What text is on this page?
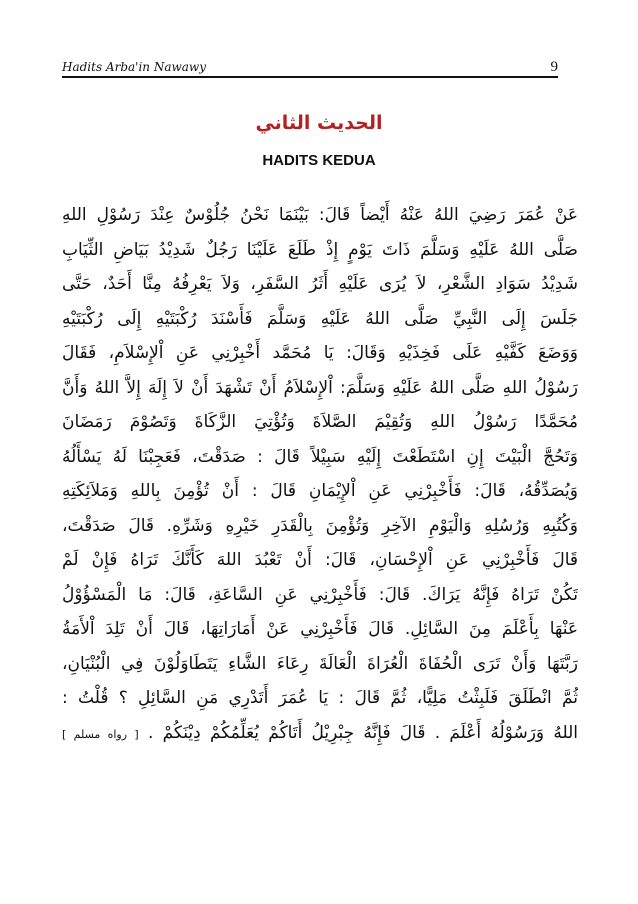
Hadits Arba'in Nawawy	9
الحديث الثاني
HADITS KEDUA
عَنْ عُمَرَ رَضِيَ اللهُ عَنْهُ أَيْضاً قَالَ: بَيْنَمَا نَحْنُ جُلُوْسٌ عِنْدَ رَسُوْلِ اللهِ
صَلَّى اللهُ عَلَيْهِ وَسَلَّمَ ذَاتَ يَوْمٍ إِذْ طَلَعَ عَلَيْنَا رَجُلٌ شَدِيْدُ بَيَاضِ الثِّيَابِ
شَدِيْدُ سَوَادِ الشَّعْرِ، لاَ يُرَى عَلَيْهِ أَثَرُ السَّفَرِ، وَلاَ يَعْرِفُهُ مِنَّا أَحَدٌ، حَتَّى
جَلَسَ إِلَى النَّبِيِّ صَلَّى اللهُ عَلَيْهِ وَسَلَّمَ فَأَسْنَدَ رُكْبَتَيْهِ إِلَى رُكْبَتَيْهِ
وَوَضَعَ كَفَّيْهِ عَلَى فَخِذَيْهِ وَقَالَ: يَا مُحَمَّد أَخْبِرْنِي عَنِ اْلإِسْلاَمِ، فَقَالَ
رَسُوْلُ اللهِ صَلَّى اللهُ عَلَيْهِ وَسَلَّمَ: اْلإِسْلاَمُ أَنْ تَشْهَدَ أَنْ لاَ إِلَهَ إِلاَّ اللهُ وَأَنَّ
مُحَمَّدًا رَسُوْلُ اللهِ وَتُقِيْمَ الصَّلاَةَ وَتُؤْتِيَ الزَّكَاةَ وَتَصُوْمَ رَمَضَانَ
وَتَحُجَّ الْبَيْتَ إِنِ اسْتَطَعْتَ إِلَيْهِ سَبِيْلاً قَالَ : صَدَقْتَ، فَعَجِبْنَا لَهُ يَسْأَلُهُ
وَيُصَدِّقُهُ، قَالَ: فَأَخْبِرْنِي عَنِ اْلإِيْمَانِ قَالَ : أَنْ تُؤْمِنَ بِاللهِ وَمَلاَئِكَتِهِ
وَكُتُبِهِ وَرُسُلِهِ وَالْيَوْمِ الآخِرِ وَتُؤْمِنَ بِالْقَدَرِ خَيْرِهِ وَشَرِّهِ. قَالَ صَدَقْتَ،
قَالَ فَأَخْبِرْنِي عَنِ اْلإِحْسَانِ، قَالَ: أَنْ تَعْبُدَ اللهَ كَأَنَّكَ تَرَاهُ فَإِنْ لَمْ
تَكُنْ تَرَاهُ فَإِنَّهُ يَرَاكَ. قَالَ: فَأَخْبِرْنِي عَنِ السَّاعَةِ، قَالَ: مَا الْمَسْؤُوْلُ
عَنْهَا بِأَعْلَمَ مِنَ السَّائِلِ. قَالَ فَأَخْبِرْنِي عَنْ أَمَارَاتِهَا، قَالَ أَنْ تَلِدَ اْلأَمَةُ
رَبَّتَهَا وَأَنْ تَرَى الْحُفَاةَ الْعُرَاةَ الْعَالَةَ رِعَاءَ الشَّاءِ يَتَطَاوَلُوْنَ فِي الْبُنْيَانِ،
ثُمَّ انْطَلَقَ فَلَبِثْتُ مَلِيًّا، ثُمَّ قَالَ : يَا عُمَرَ أَتَدْرِي مَنِ السَّائِلِ ؟ قُلْتُ :
اللهُ وَرَسُوْلُهُ أَعْلَمَ . قَالَ فَإِنَّهُ جِبْرِيْلُ أَتَاكُمْ يُعَلِّمُكُمْ دِيْنَكُمْ . [ رواه مسلم ]
